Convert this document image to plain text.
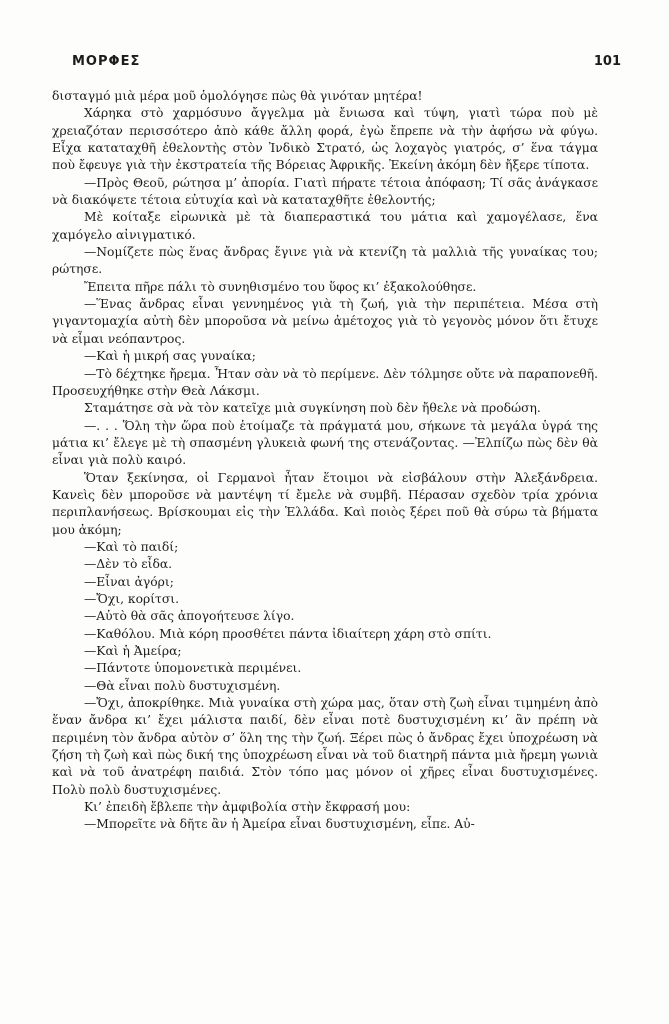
ΜΟΡΦΕΣ	101

δισταγμό μιὰ μέρα μοῦ ὁμολόγησε πὼς θὰ γινόταν μητέρα!

Χάρηκα στὸ χαρμόσυνο ἄγγελμα μὰ ἔνιωσα καὶ τύψη, γιατὶ τώρα ποὺ μὲ χρειαζόταν περισσότερο ἀπὸ κάθε ἄλλη φορά, ἐγὼ ἔπρεπε νὰ τὴν ἀφήσω νὰ φύγω. Εἶχα καταταχθῆ ἐθελοντὴς στὸν Ἰνδικὸ Στρατό, ὡς λοχαγὸς γιατρός, σ’ ἕνα τάγμα ποὺ ἔφευγε γιὰ τὴν ἐκστρατεία τῆς Βόρειας Ἀφρικῆς. Ἐκείνη ἀκόμη δὲν ἤξερε τίποτα.

—Πρὸς Θεοῦ, ρώτησα μ’ ἀπορία. Γιατὶ πήρατε τέτοια ἀπόφαση; Τί σᾶς ἀνάγκασε νὰ διακόψετε τέτοια εὐτυχία καὶ νὰ καταταχθῆτε ἐθελοντής;

Μὲ κοίταξε εἰρωνικὰ μὲ τὰ διαπεραστικά του μάτια καὶ χαμογέλασε, ἕνα χαμόγελο αἰνιγματικό.

—Νομίζετε πὼς ἕνας ἄνδρας ἔγινε γιὰ νὰ κτενίζη τὰ μαλλιὰ τῆς γυναίκας του; ρώτησε.

Ἔπειτα πῆρε πάλι τὸ συνηθισμένο του ὕφος κι’ ἐξακολούθησε.

—Ἕνας ἄνδρας εἶναι γεννημένος γιὰ τὴ ζωή, γιὰ τὴν περιπέτεια. Μέσα στὴ γιγαντομαχία αὐτὴ δὲν μποροῦσα νὰ μείνω ἀμέτοχος γιὰ τὸ γεγονὸς μόνον ὅτι ἔτυχε νὰ εἶμαι νεόπαντρος.

—Καὶ ἡ μικρή σας γυναίκα;

—Τὸ δέχτηκε ἤρεμα. Ἦταν σὰν νὰ τὸ περίμενε. Δὲν τόλμησε οὔτε νὰ παραπονεθῆ. Προσευχήθηκε στὴν Θεὰ Λάκσμι.

Σταμάτησε σὰ νὰ τὸν κατεῖχε μιὰ συγκίνηση ποὺ δὲν ἤθελε νὰ προδώση.

—. . . Ὅλη τὴν ὥρα ποὺ ἑτοίμαζε τὰ πράγματά μου, σήκωνε τὰ μεγάλα ὑγρά της μάτια κι’ ἔλεγε μὲ τὴ σπασμένη γλυκειὰ φωνή της στενάζοντας. —Ἐλπίζω πὼς δὲν θὰ εἶναι γιὰ πολὺ καιρό.

Ὅταν ξεκίνησα, οἱ Γερμανοὶ ἦταν ἕτοιμοι νὰ εἰσβάλουν στὴν Ἀλεξάνδρεια. Κανεὶς δὲν μποροῦσε νὰ μαντέψη τί ἔμελε νὰ συμβῆ. Πέρασαν σχεδὸν τρία χρόνια περιπλανήσεως. Βρίσκουμαι εἰς τὴν Ἑλλάδα. Καὶ ποιὸς ξέρει ποῦ θὰ σύρω τὰ βήματα μου ἀκόμη;

—Καὶ τὸ παιδί;

—Δὲν τὸ εἶδα.

—Εἶναι ἀγόρι;

—Ὄχι, κορίτσι.

—Αὐτὸ θὰ σᾶς ἀπογοήτευσε λίγο.

—Καθόλου. Μιὰ κόρη προσθέτει πάντα ἰδιαίτερη χάρη στὸ σπίτι.

—Καὶ ἡ Ἀμείρα;

—Πάντοτε ὑπομονετικὰ περιμένει.

—Θὰ εἶναι πολὺ δυστυχισμένη.

—Ὄχι, ἀποκρίθηκε. Μιὰ γυναίκα στὴ χώρα μας, ὅταν στὴ ζωὴ εἶναι τιμημένη ἀπὸ ἕναν ἄνδρα κι’ ἔχει μάλιστα παιδί, δὲν εἶναι ποτὲ δυστυχισμένη κι’ ἂν πρέπη νὰ περιμένη τὸν ἄνδρα αὐτὸν σ’ ὅλη της τὴν ζωή. Ξέρει πὼς ὁ ἄνδρας ἔχει ὑποχρέωση νὰ ζήση τὴ ζωὴ καὶ πὼς δική της ὑποχρέωση εἶναι νὰ τοῦ διατηρῆ πάντα μιὰ ἤρεμη γωνιὰ καὶ νὰ τοῦ ἀνατρέφη παιδιά. Στὸν τόπο μας μόνον οἱ χῆρες εἶναι δυστυχισμένες. Πολὺ πολὺ δυστυχισμένες.

Κι’ ἐπειδὴ ἔβλεπε τὴν ἀμφιβολία στὴν ἔκφρασή μου:

—Μπορεῖτε νὰ δῆτε ἂν ἡ Ἀμείρα εἶναι δυστυχισμένη, εἶπε. Αὐ-
